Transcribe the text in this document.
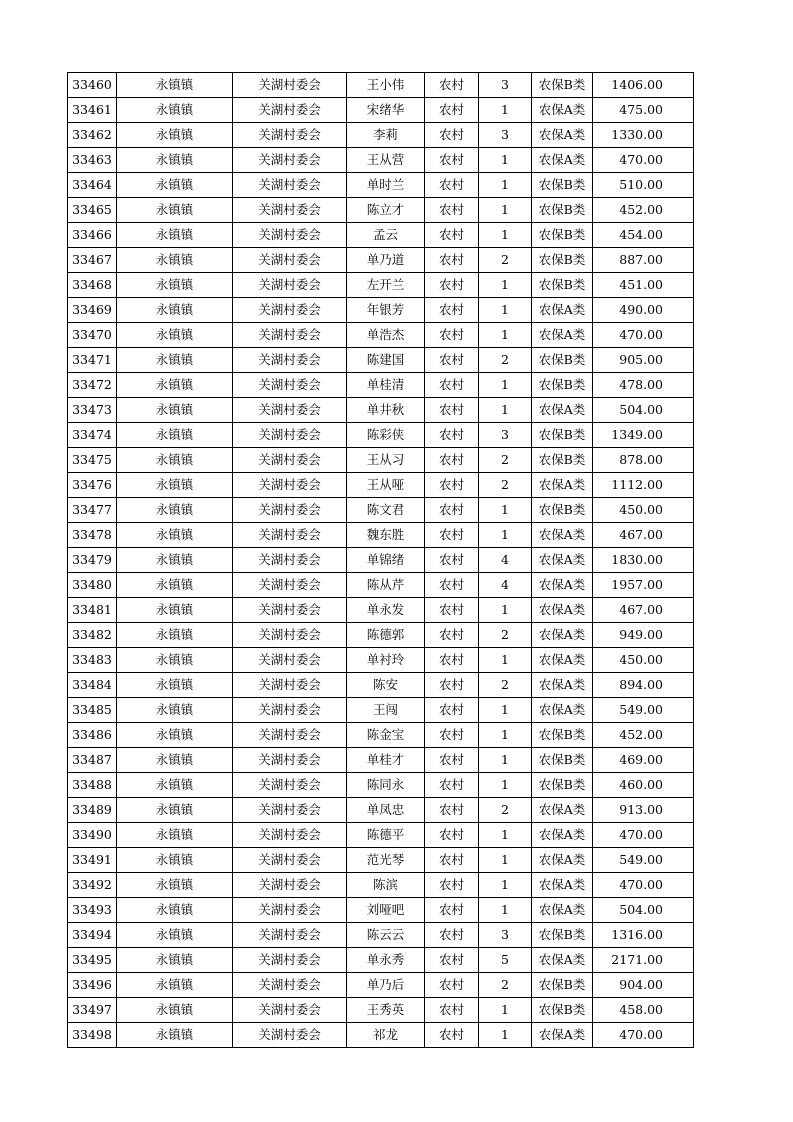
33460	永镇镇	关湖村委会	王小伟	农村	3	农保B类	1406.00
33461	永镇镇	关湖村委会	宋绪华	农村	1	农保A类	475.00
33462	永镇镇	关湖村委会	李莉	农村	3	农保A类	1330.00
33463	永镇镇	关湖村委会	王从营	农村	1	农保A类	470.00
33464	永镇镇	关湖村委会	单时兰	农村	1	农保B类	510.00
33465	永镇镇	关湖村委会	陈立才	农村	1	农保B类	452.00
33466	永镇镇	关湖村委会	孟云	农村	1	农保B类	454.00
33467	永镇镇	关湖村委会	单乃道	农村	2	农保B类	887.00
33468	永镇镇	关湖村委会	左开兰	农村	1	农保B类	451.00
33469	永镇镇	关湖村委会	年银芳	农村	1	农保A类	490.00
33470	永镇镇	关湖村委会	单浩杰	农村	1	农保A类	470.00
33471	永镇镇	关湖村委会	陈建国	农村	2	农保B类	905.00
33472	永镇镇	关湖村委会	单桂清	农村	1	农保B类	478.00
33473	永镇镇	关湖村委会	单井秋	农村	1	农保A类	504.00
33474	永镇镇	关湖村委会	陈彩侠	农村	3	农保B类	1349.00
33475	永镇镇	关湖村委会	王从习	农村	2	农保B类	878.00
33476	永镇镇	关湖村委会	王从哑	农村	2	农保A类	1112.00
33477	永镇镇	关湖村委会	陈文君	农村	1	农保B类	450.00
33478	永镇镇	关湖村委会	魏东胜	农村	1	农保A类	467.00
33479	永镇镇	关湖村委会	单锦绪	农村	4	农保A类	1830.00
33480	永镇镇	关湖村委会	陈从芹	农村	4	农保A类	1957.00
33481	永镇镇	关湖村委会	单永发	农村	1	农保A类	467.00
33482	永镇镇	关湖村委会	陈德郭	农村	2	农保A类	949.00
33483	永镇镇	关湖村委会	单衬玲	农村	1	农保A类	450.00
33484	永镇镇	关湖村委会	陈安	农村	2	农保A类	894.00
33485	永镇镇	关湖村委会	王闯	农村	1	农保A类	549.00
33486	永镇镇	关湖村委会	陈金宝	农村	1	农保B类	452.00
33487	永镇镇	关湖村委会	单桂才	农村	1	农保B类	469.00
33488	永镇镇	关湖村委会	陈同永	农村	1	农保B类	460.00
33489	永镇镇	关湖村委会	单凤忠	农村	2	农保A类	913.00
33490	永镇镇	关湖村委会	陈德平	农村	1	农保A类	470.00
33491	永镇镇	关湖村委会	范光琴	农村	1	农保A类	549.00
33492	永镇镇	关湖村委会	陈滨	农村	1	农保A类	470.00
33493	永镇镇	关湖村委会	刘哑吧	农村	1	农保A类	504.00
33494	永镇镇	关湖村委会	陈云云	农村	3	农保B类	1316.00
33495	永镇镇	关湖村委会	单永秀	农村	5	农保A类	2171.00
33496	永镇镇	关湖村委会	单乃后	农村	2	农保B类	904.00
33497	永镇镇	关湖村委会	王秀英	农村	1	农保B类	458.00
33498	永镇镇	关湖村委会	祁龙	农村	1	农保A类	470.00
